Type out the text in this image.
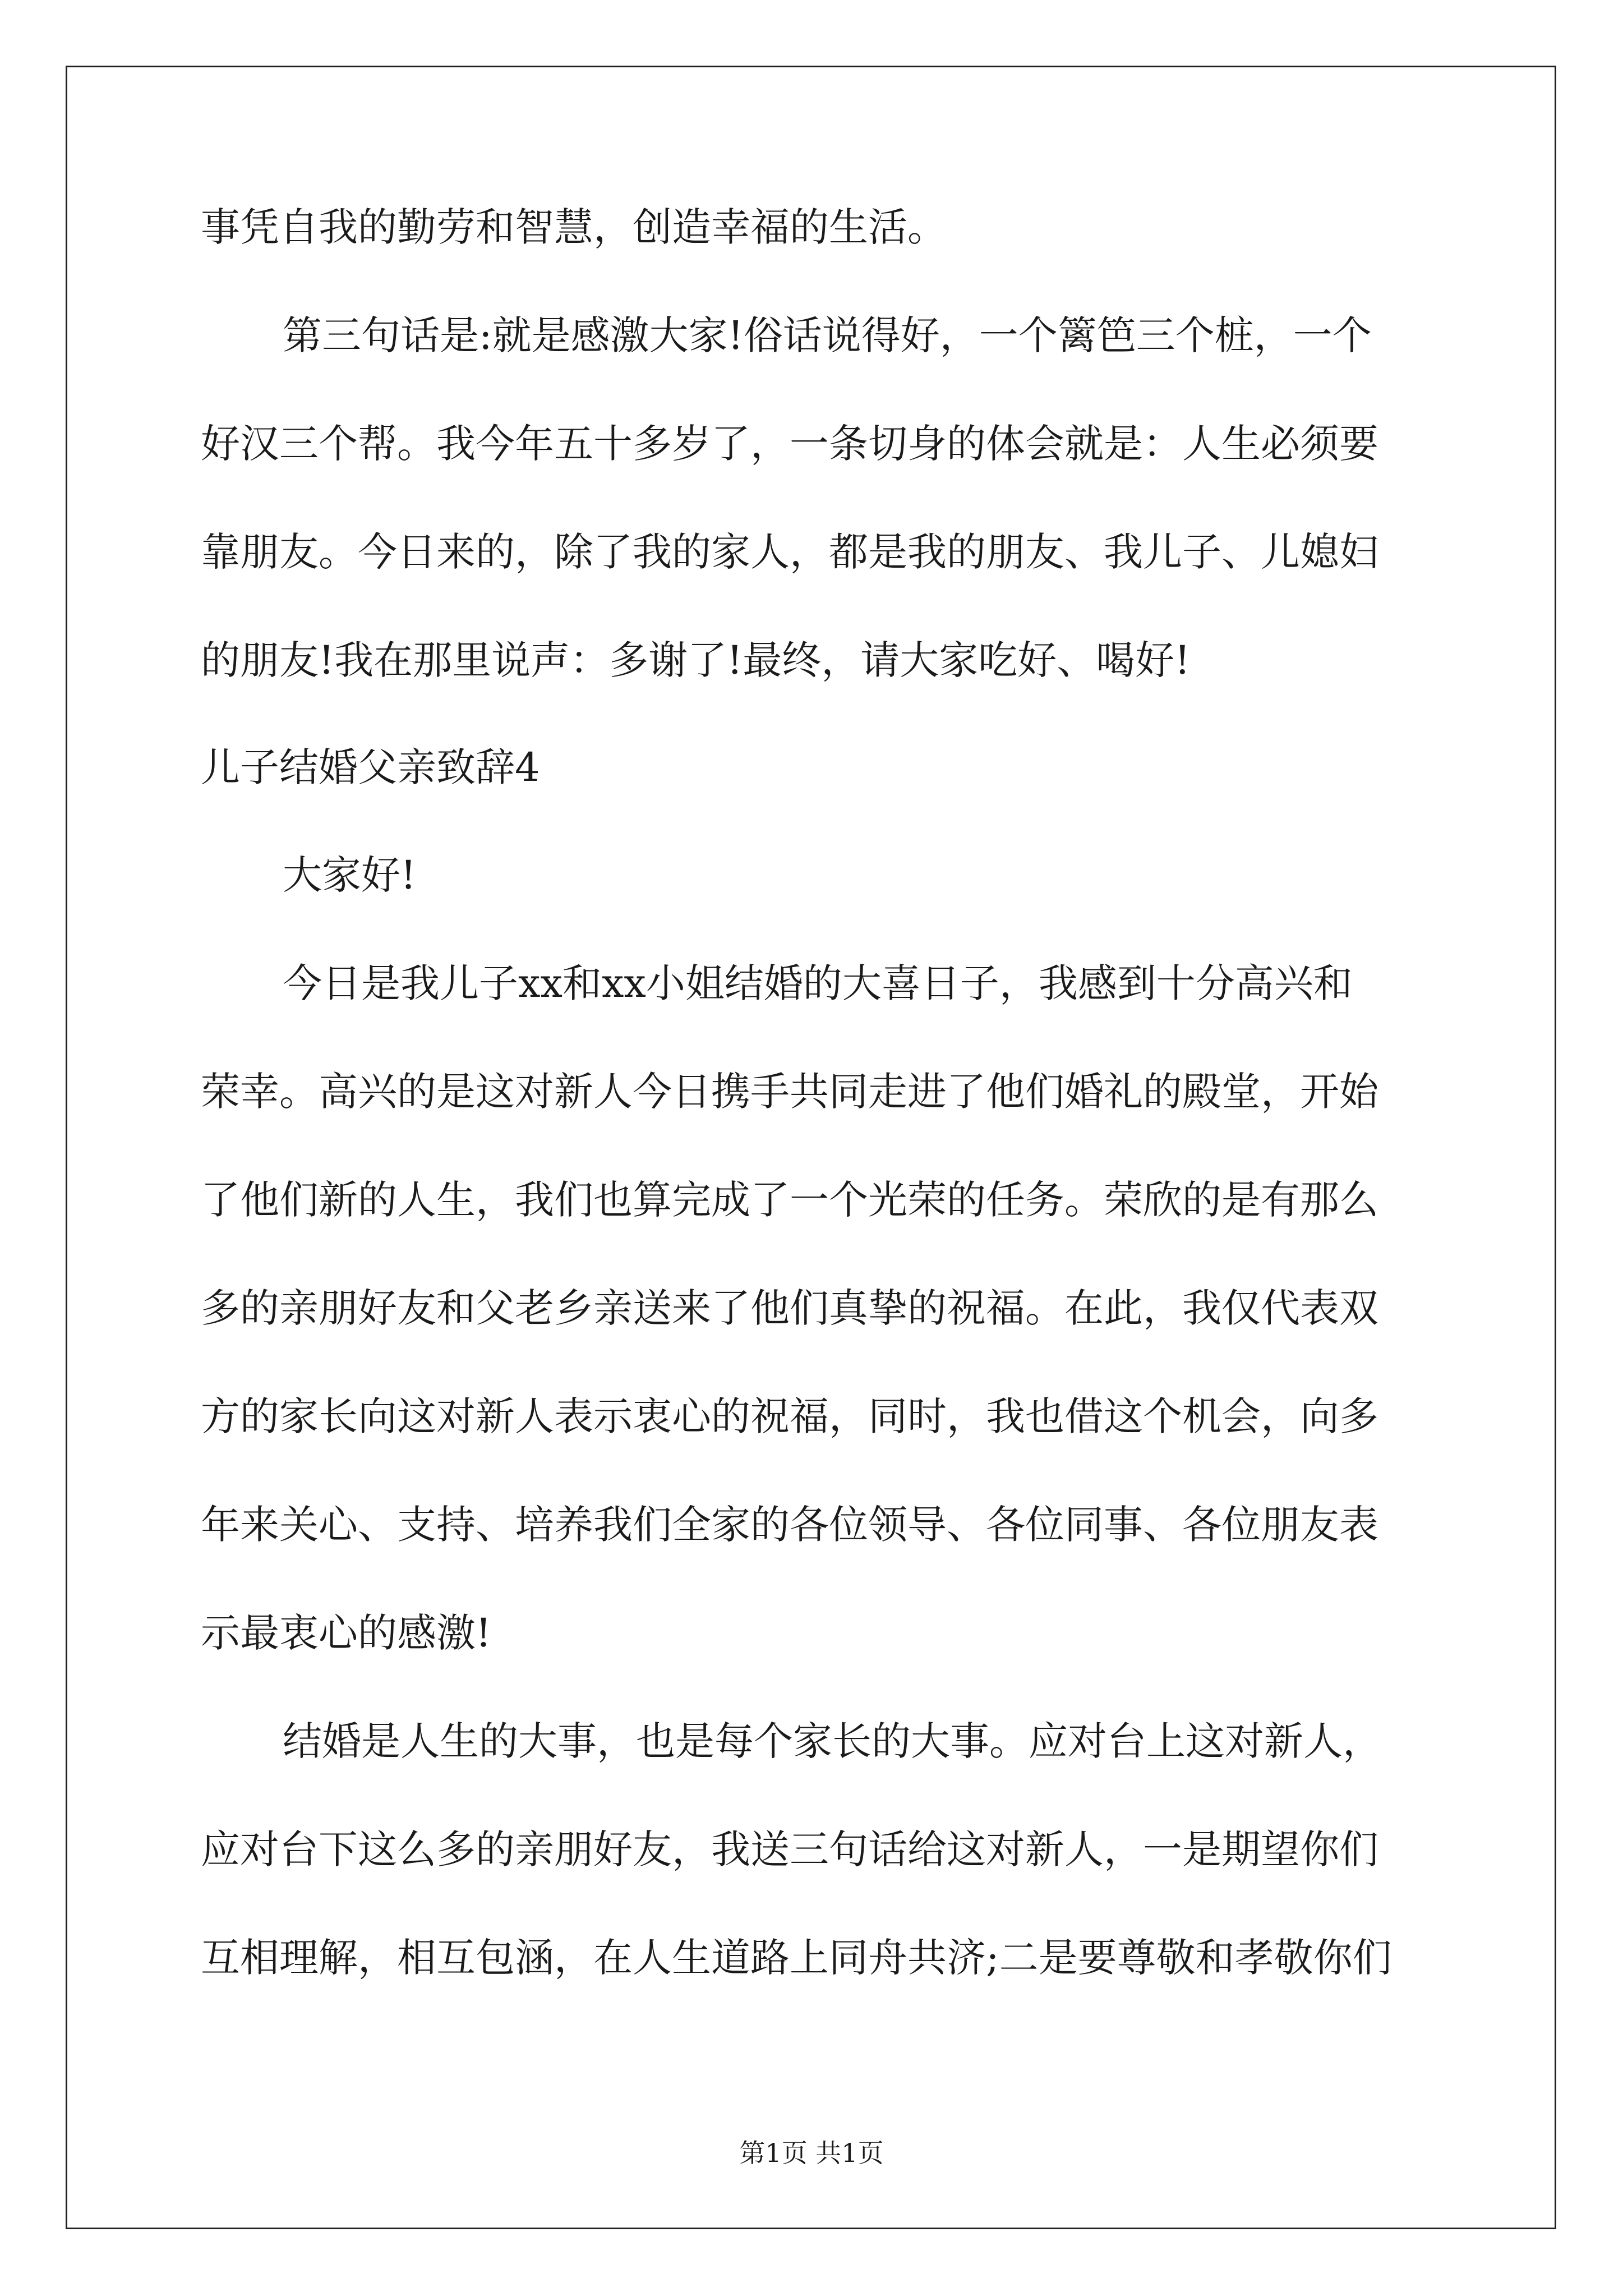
事凭自我的勤劳和智慧，创造幸福的生活。
第三句话是:就是感激大家!俗话说得好，一个篱笆三个桩，一个
好汉三个帮。我今年五十多岁了，一条切身的体会就是：人生必须要
靠朋友。今日来的，除了我的家人，都是我的朋友、我儿子、儿媳妇
的朋友!我在那里说声：多谢了!最终，请大家吃好、喝好!
儿子结婚父亲致辞4
大家好!
今日是我儿子xx和xx小姐结婚的大喜日子，我感到十分高兴和
荣幸。高兴的是这对新人今日携手共同走进了他们婚礼的殿堂，开始
了他们新的人生，我们也算完成了一个光荣的任务。荣欣的是有那么
多的亲朋好友和父老乡亲送来了他们真挚的祝福。在此，我仅代表双
方的家长向这对新人表示衷心的祝福，同时，我也借这个机会，向多
年来关心、支持、培养我们全家的各位领导、各位同事、各位朋友表
示最衷心的感激!
结婚是人生的大事，也是每个家长的大事。应对台上这对新人，
应对台下这么多的亲朋好友，我送三句话给这对新人，一是期望你们
互相理解，相互包涵，在人生道路上同舟共济;二是要尊敬和孝敬你们
第1页 共1页
